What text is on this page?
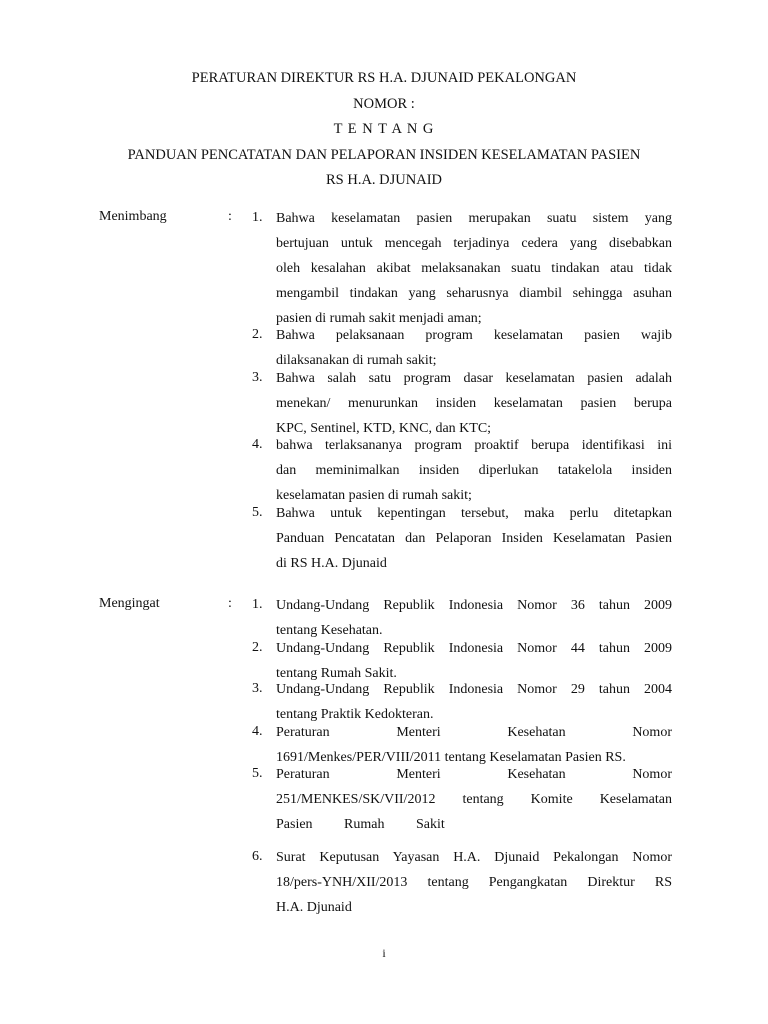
PERATURAN DIREKTUR RS H.A. DJUNAID PEKALONGAN
NOMOR :
T E N T A N G
PANDUAN PENCATATAN DAN PELAPORAN INSIDEN KESELAMATAN PASIEN
RS H.A. DJUNAID
Menimbang	: 1. Bahwa keselamatan pasien merupakan suatu sistem yang
bertujuan untuk mencegah terjadinya cedera yang disebabkan
oleh kesalahan akibat melaksanakan suatu tindakan atau tidak
mengambil tindakan yang seharusnya diambil sehingga asuhan
pasien di rumah sakit menjadi aman;
2. Bahwa pelaksanaan program keselamatan pasien wajib
dilaksanakan di rumah sakit;
3. Bahwa salah satu program dasar keselamatan pasien adalah
menekan/ menurunkan insiden keselamatan pasien berupa
KPC, Sentinel, KTD, KNC, dan KTC;
4. bahwa terlaksananya program proaktif berupa identifikasi ini
dan meminimalkan insiden diperlukan tatakelola insiden
keselamatan pasien di rumah sakit;
5. Bahwa untuk kepentingan tersebut, maka perlu ditetapkan
Panduan Pencatatan dan Pelaporan Insiden Keselamatan Pasien
di RS H.A. Djunaid
Mengingat	: 1. Undang-Undang Republik Indonesia Nomor 36 tahun 2009
tentang Kesehatan.
2. Undang-Undang Republik Indonesia Nomor 44 tahun 2009
tentang Rumah Sakit.
3. Undang-Undang Republik Indonesia Nomor 29 tahun 2004
tentang Praktik Kedokteran.
4. Peraturan Menteri Kesehatan Nomor
1691/Menkes/PER/VIII/2011 tentang Keselamatan Pasien RS.
5. Peraturan Menteri Kesehatan Nomor
251/MENKES/SK/VII/2012 tentang Komite Keselamatan
Pasien Rumah Sakit
6. Surat Keputusan Yayasan H.A. Djunaid Pekalongan Nomor
18/pers-YNH/XII/2013 tentang Pengangkatan Direktur RS
H.A. Djunaid
i
